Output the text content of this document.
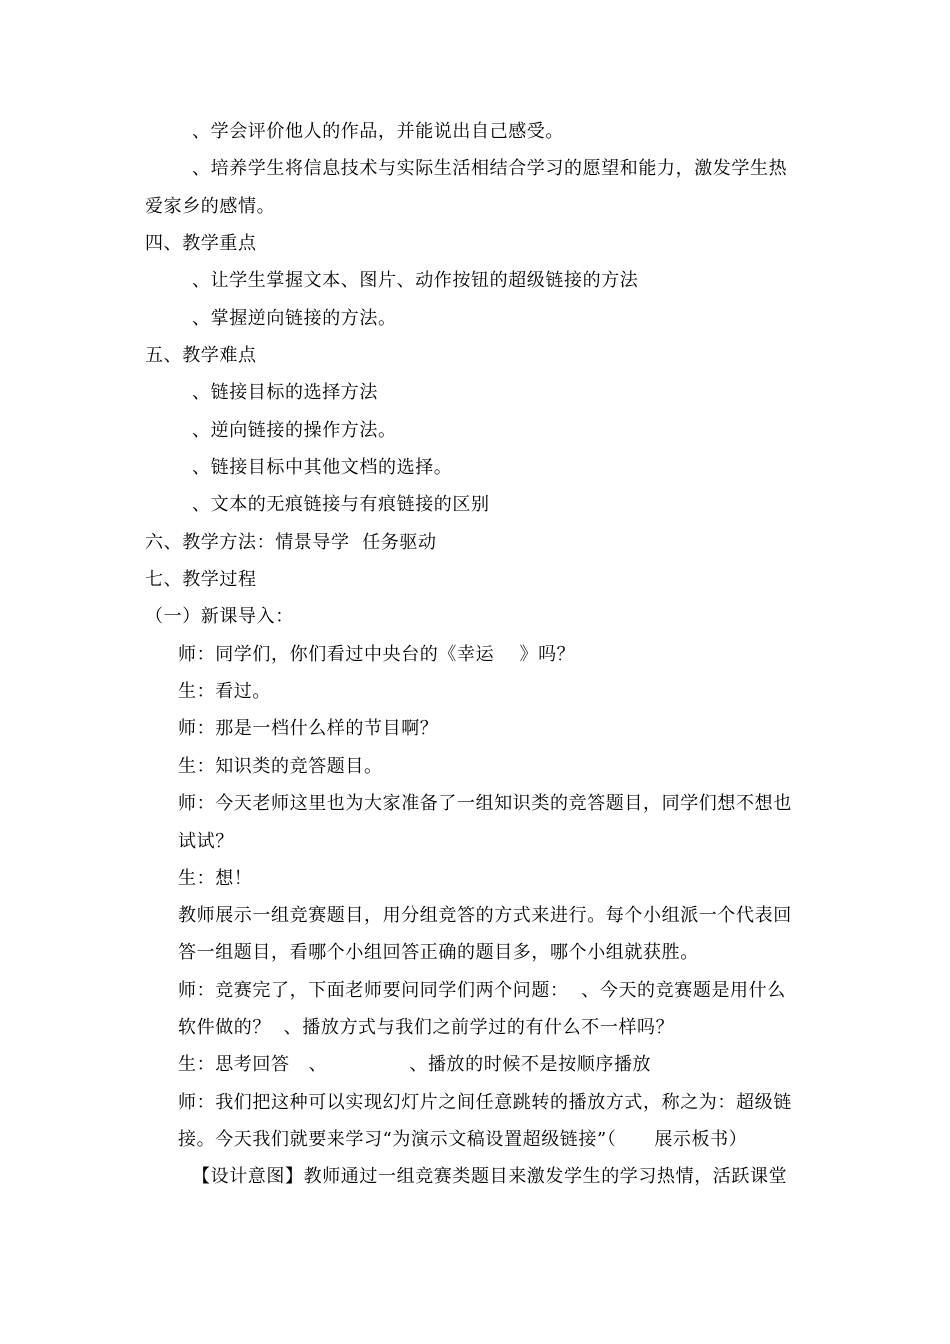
、学会评价他人的作品，并能说出自己感受。
、培养学生将信息技术与实际生活相结合学习的愿望和能力，激发学生热
爱家乡的感情。
四、教学重点
、让学生掌握文本、图片、动作按钮的超级链接的方法
、掌握逆向链接的方法。
五、教学难点
、链接目标的选择方法
、逆向链接的操作方法。
、链接目标中其他文档的选择。
、文本的无痕链接与有痕链接的区别
六、教学方法：情景导学  任务驱动
七、教学过程
（一）新课导入：
师：同学们，你们看过中央台的《幸运    》吗？
生：看过。
师：那是一档什么样的节目啊？
生：知识类的竞答题目。
师：今天老师这里也为大家准备了一组知识类的竞答题目，同学们想不想也
试试？
生：想！
教师展示一组竞赛题目，用分组竞答的方式来进行。每个小组派一个代表回
答一组题目，看哪个小组回答正确的题目多，哪个小组就获胜。
师：竞赛完了，下面老师要问同学们两个问题：  、今天的竞赛题是用什么
软件做的？  、播放方式与我们之前学过的有什么不一样吗？
生：思考回答   、             、播放的时候不是按顺序播放
师：我们把这种可以实现幻灯片之间任意跳转的播放方式，称之为：超级链
接。今天我们就要来学习“为演示文稿设置超级链接”（      展示板书）
【设计意图】教师通过一组竞赛类题目来激发学生的学习热情，活跃课堂
